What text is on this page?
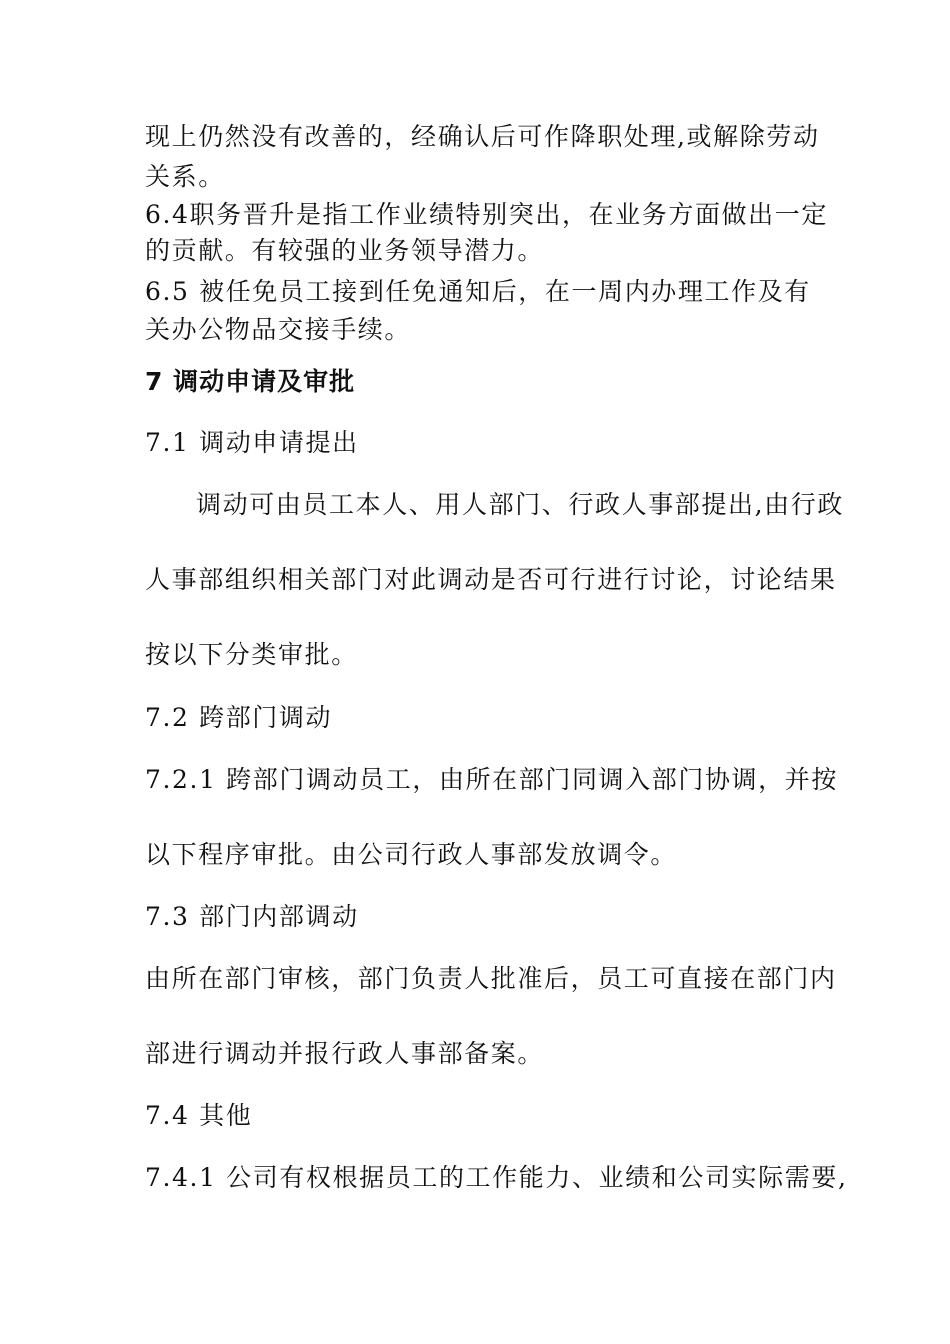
现上仍然没有改善的，经确认后可作降职处理,或解除劳动
关系。
6.4职务晋升是指工作业绩特别突出，在业务方面做出一定
的贡献。有较强的业务领导潜力。
6.5 被任免员工接到任免通知后，在一周内办理工作及有
关办公物品交接手续。
7 调动申请及审批
7.1 调动申请提出
调动可由员工本人、用人部门、行政人事部提出,由行政
人事部组织相关部门对此调动是否可行进行讨论，讨论结果
按以下分类审批。
7.2 跨部门调动
7.2.1 跨部门调动员工，由所在部门同调入部门协调，并按
以下程序审批。由公司行政人事部发放调令。
7.3 部门内部调动
由所在部门审核，部门负责人批准后，员工可直接在部门内
部进行调动并报行政人事部备案。
7.4 其他
7.4.1 公司有权根据员工的工作能力、业绩和公司实际需要,
